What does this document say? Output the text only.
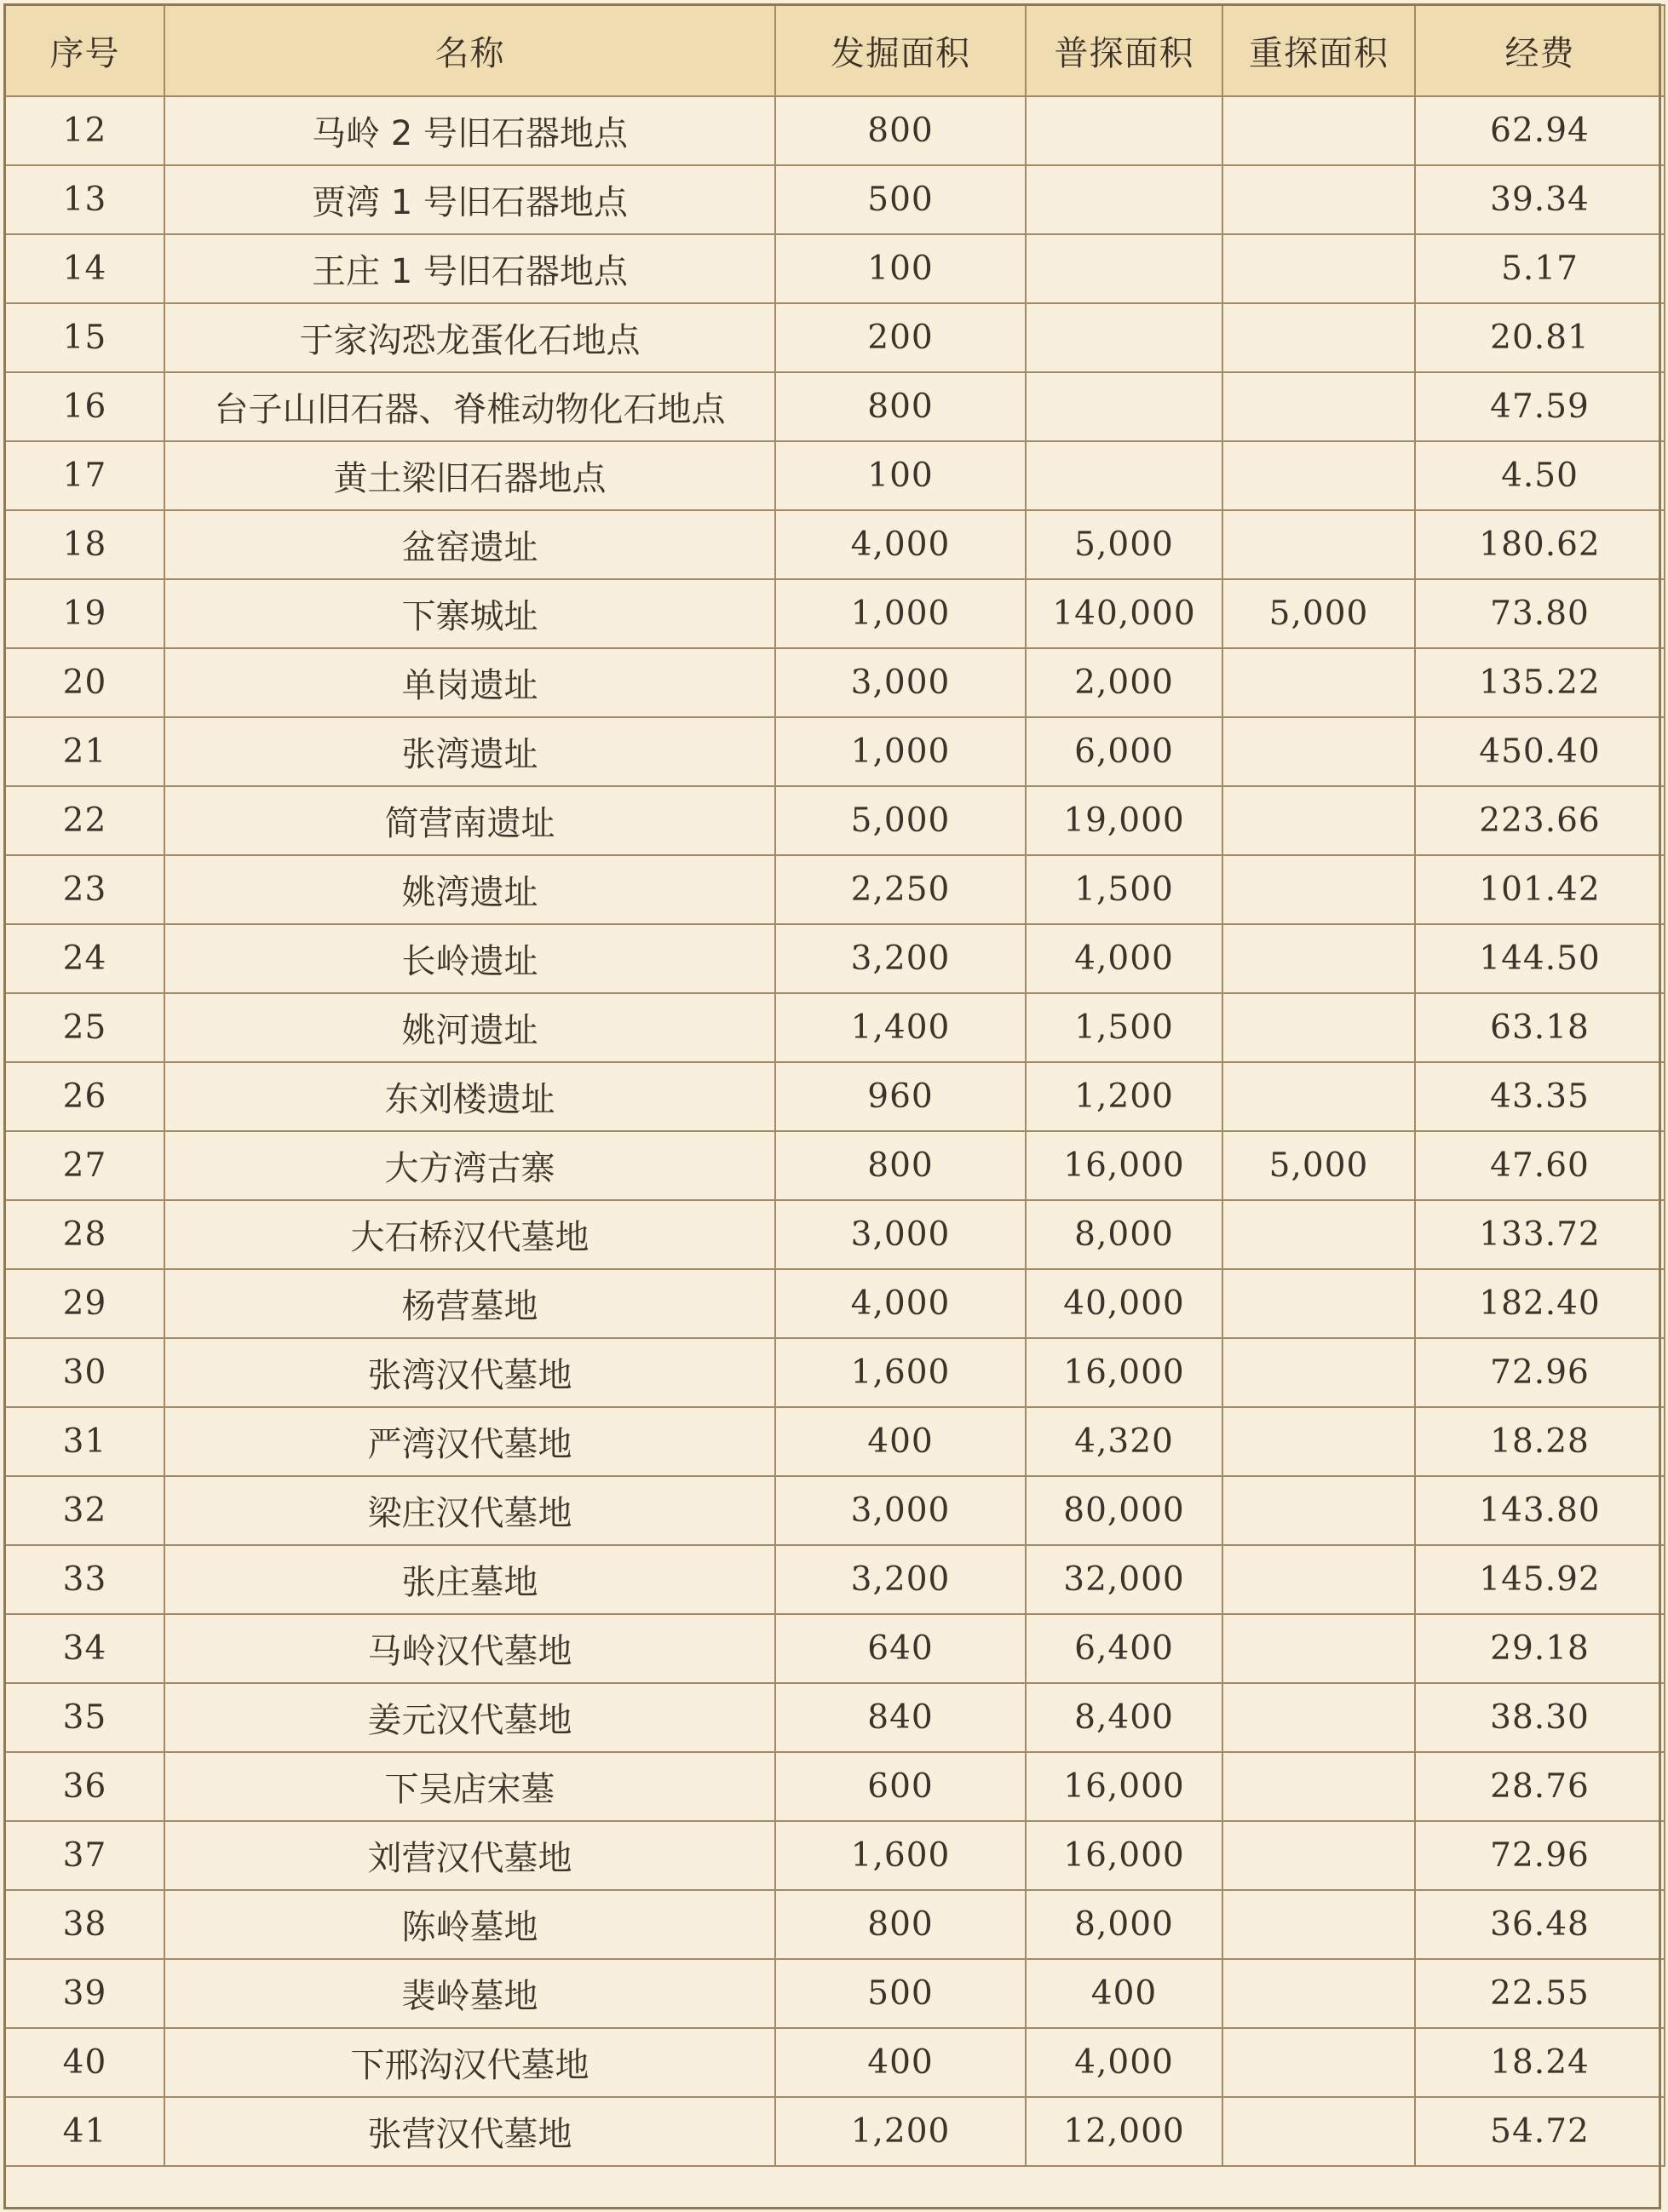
序号	名称	发掘面积	普探面积	重探面积	经费
12	马岭 2 号旧石器地点	800			62.94
13	贾湾 1 号旧石器地点	500			39.34
14	王庄 1 号旧石器地点	100			5.17
15	于家沟恐龙蛋化石地点	200			20.81
16	台子山旧石器、脊椎动物化石地点	800			47.59
17	黄土梁旧石器地点	100			4.50
18	盆窑遗址	4,000	5,000		180.62
19	下寨城址	1,000	140,000	5,000	73.80
20	单岗遗址	3,000	2,000		135.22
21	张湾遗址	1,000	6,000		450.40
22	简营南遗址	5,000	19,000		223.66
23	姚湾遗址	2,250	1,500		101.42
24	长岭遗址	3,200	4,000		144.50
25	姚河遗址	1,400	1,500		63.18
26	东刘楼遗址	960	1,200		43.35
27	大方湾古寨	800	16,000	5,000	47.60
28	大石桥汉代墓地	3,000	8,000		133.72
29	杨营墓地	4,000	40,000		182.40
30	张湾汉代墓地	1,600	16,000		72.96
31	严湾汉代墓地	400	4,320		18.28
32	梁庄汉代墓地	3,000	80,000		143.80
33	张庄墓地	3,200	32,000		145.92
34	马岭汉代墓地	640	6,400		29.18
35	姜元汉代墓地	840	8,400		38.30
36	下吴店宋墓	600	16,000		28.76
37	刘营汉代墓地	1,600	16,000		72.96
38	陈岭墓地	800	8,000		36.48
39	裴岭墓地	500	400		22.55
40	下邢沟汉代墓地	400	4,000		18.24
41	张营汉代墓地	1,200	12,000		54.72
